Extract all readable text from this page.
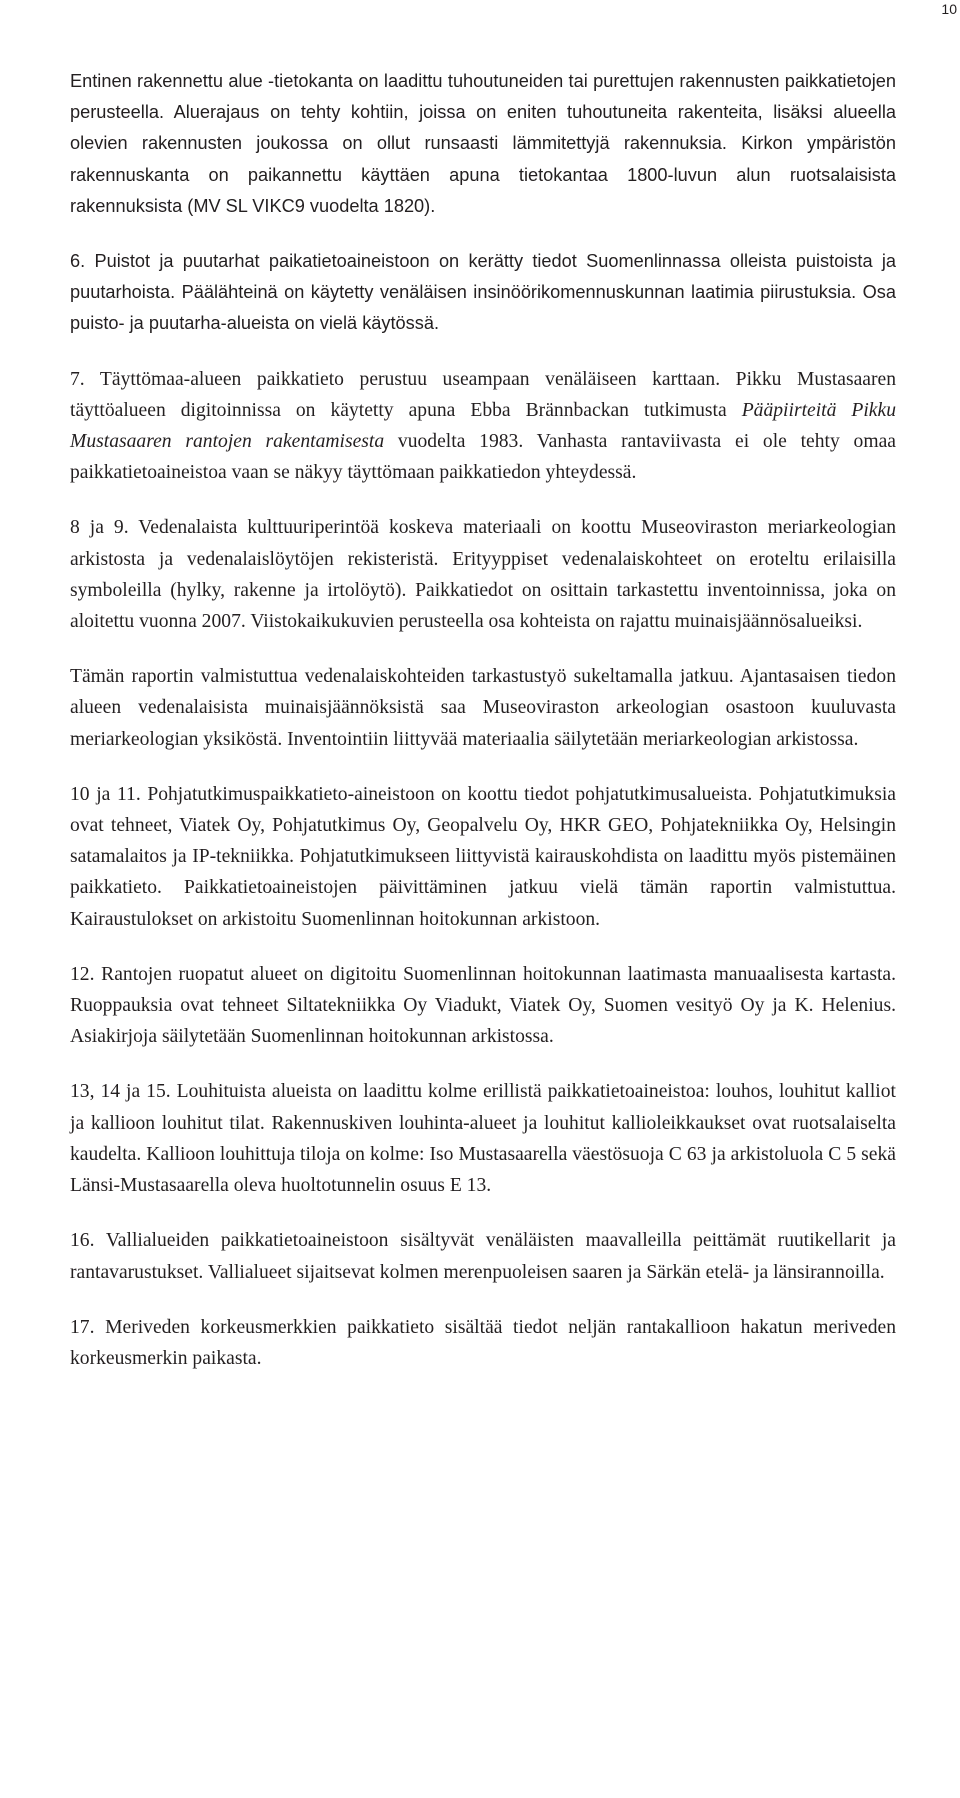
10

Entinen rakennettu alue -tietokanta on laadittu tuhoutuneiden tai purettujen rakennusten paikkatietojen perusteella. Aluerajaus on tehty kohtiin, joissa on eniten tuhoutuneita rakenteita, lisäksi alueella olevien rakennusten joukossa on ollut runsaasti lämmitettyjä rakennuksia. Kirkon ympäristön rakennuskanta on paikannettu käyttäen apuna tietokantaa 1800-luvun alun ruotsalaisista rakennuksista (MV SL VIKC9 vuodelta 1820).

6. Puistot ja puutarhat paikatietoaineistoon on kerätty tiedot Suomenlinnassa olleista puistoista ja puutarhoista. Päälähteinä on käytetty venäläisen insinöörikomennuskunnan laatimia piirustuksia. Osa puisto- ja puutarha-alueista on vielä käytössä.

7. Täyttömaa-alueen paikkatieto perustuu useampaan venäläiseen karttaan. Pikku Mustasaaren täyttöalueen digitoinnissa on käytetty apuna Ebba Brännbackan tutkimusta Pääpiirteitä Pikku Mustasaaren rantojen rakentamisesta vuodelta 1983. Vanhasta rantaviivasta ei ole tehty omaa paikkatietoaineistoa vaan se näkyy täyttömaan paikkatiedon yhteydessä.

8 ja 9. Vedenalaista kulttuuriperintöä koskeva materiaali on koottu Museoviraston meriarkeologian arkistosta ja vedenalaislöytöjen rekisteristä. Erityyppiset vedenalaiskohteet on eroteltu erilaisilla symboleilla (hylky, rakenne ja irtolöytö). Paikkatiedot on osittain tarkastettu inventoinnissa, joka on aloitettu vuonna 2007. Viistokaikukuvien perusteella osa kohteista on rajattu muinaisjäännösalueiksi.

Tämän raportin valmistuttua vedenalaiskohteiden tarkastustyö sukeltamalla jatkuu. Ajantasaisen tiedon alueen vedenalaisista muinaisjäännöksistä saa Museoviraston arkeologian osastoon kuuluvasta meriarkeologian yksiköstä. Inventointiin liittyvää materiaalia säilytetään meriarkeologian arkistossa.

10 ja 11. Pohjatutkimuspaikkatieto-aineistoon on koottu tiedot pohjatutkimusalueista. Pohjatutkimuksia ovat tehneet, Viatek Oy, Pohjatutkimus Oy, Geopalvelu Oy, HKR GEO, Pohjatekniikka Oy, Helsingin satamalaitos ja IP-tekniikka. Pohjatutkimukseen liittyvistä kairauskohdista on laadittu myös pistemäinen paikkatieto. Paikkatietoaineistojen päivittäminen jatkuu vielä tämän raportin valmistuttua. Kairaustulokset on arkistoitu Suomenlinnan hoitokunnan arkistoon.

12. Rantojen ruopatut alueet on digitoitu Suomenlinnan hoitokunnan laatimasta manuaalisesta kartasta. Ruoppauksia ovat tehneet Siltatekniikka Oy Viadukt, Viatek Oy, Suomen vesityö Oy ja K. Helenius. Asiakirjoja säilytetään Suomenlinnan hoitokunnan arkistossa.

13, 14 ja 15. Louhituista alueista on laadittu kolme erillistä paikkatietoaineistoa: louhos, louhitut kalliot ja kallioon louhitut tilat. Rakennuskiven louhinta-alueet ja louhitut kallioleikkaukset ovat ruotsalaiselta kaudelta. Kallioon louhittuja tiloja on kolme: Iso Mustasaarella väestösuoja C 63 ja arkistoluola C 5 sekä Länsi-Mustasaarella oleva huoltotunnelin osuus E 13.

16. Vallialueiden paikkatietoaineistoon sisältyvät venäläisten maavalleilla peittämät ruutikellarit ja rantavarustukset. Vallialueet sijaitsevat kolmen merenpuoleisen saaren ja Särkän etelä- ja länsirannoilla.

17. Meriveden korkeusmerkkien paikkatieto sisältää tiedot neljän rantakallioon hakatun meriveden korkeusmerkin paikasta.
